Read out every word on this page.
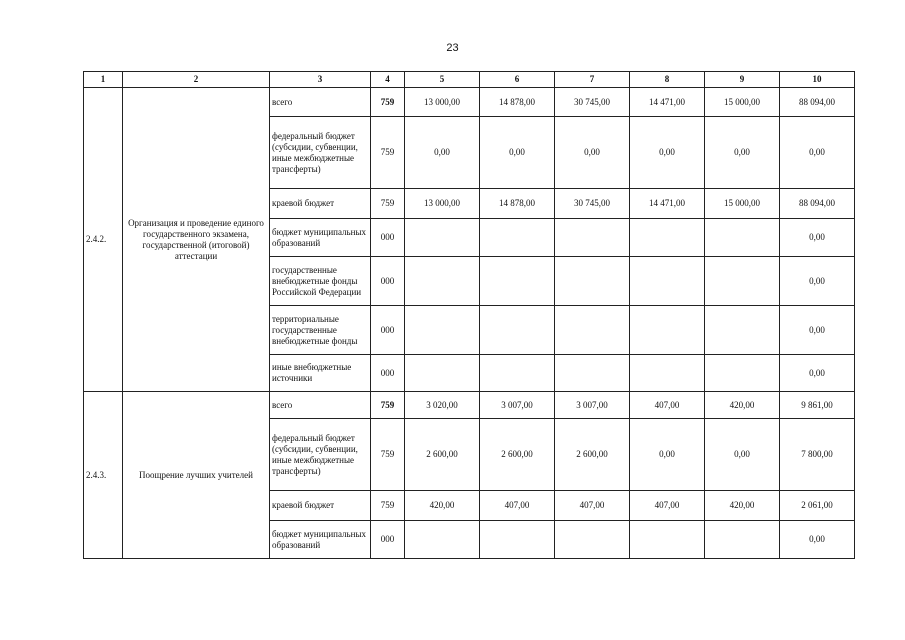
23
1	2	3	4	5	6	7	8	9	10
2.4.2.	Организация и проведение единого государственного экзамена, государственной (итоговой) аттестации	всего	759	13 000,00	14 878,00	30 745,00	14 471,00	15 000,00	88 094,00
		федеральный бюджет (субсидии, субвенции, иные межбюджетные трансферты)	759	0,00	0,00	0,00	0,00	0,00	0,00
		краевой бюджет	759	13 000,00	14 878,00	30 745,00	14 471,00	15 000,00	88 094,00
		бюджет муниципальных образований	000						0,00
		государственные внебюджетные фонды Российской Федерации	000						0,00
		территориальные государственные внебюджетные фонды	000						0,00
		иные внебюджетные источники	000						0,00
2.4.3.	Поощрение лучших учителей	всего	759	3 020,00	3 007,00	3 007,00	407,00	420,00	9 861,00
		федеральный бюджет (субсидии, субвенции, иные межбюджетные трансферты)	759	2 600,00	2 600,00	2 600,00	0,00	0,00	7 800,00
		краевой бюджет	759	420,00	407,00	407,00	407,00	420,00	2 061,00
		бюджет муниципальных образований	000						0,00
